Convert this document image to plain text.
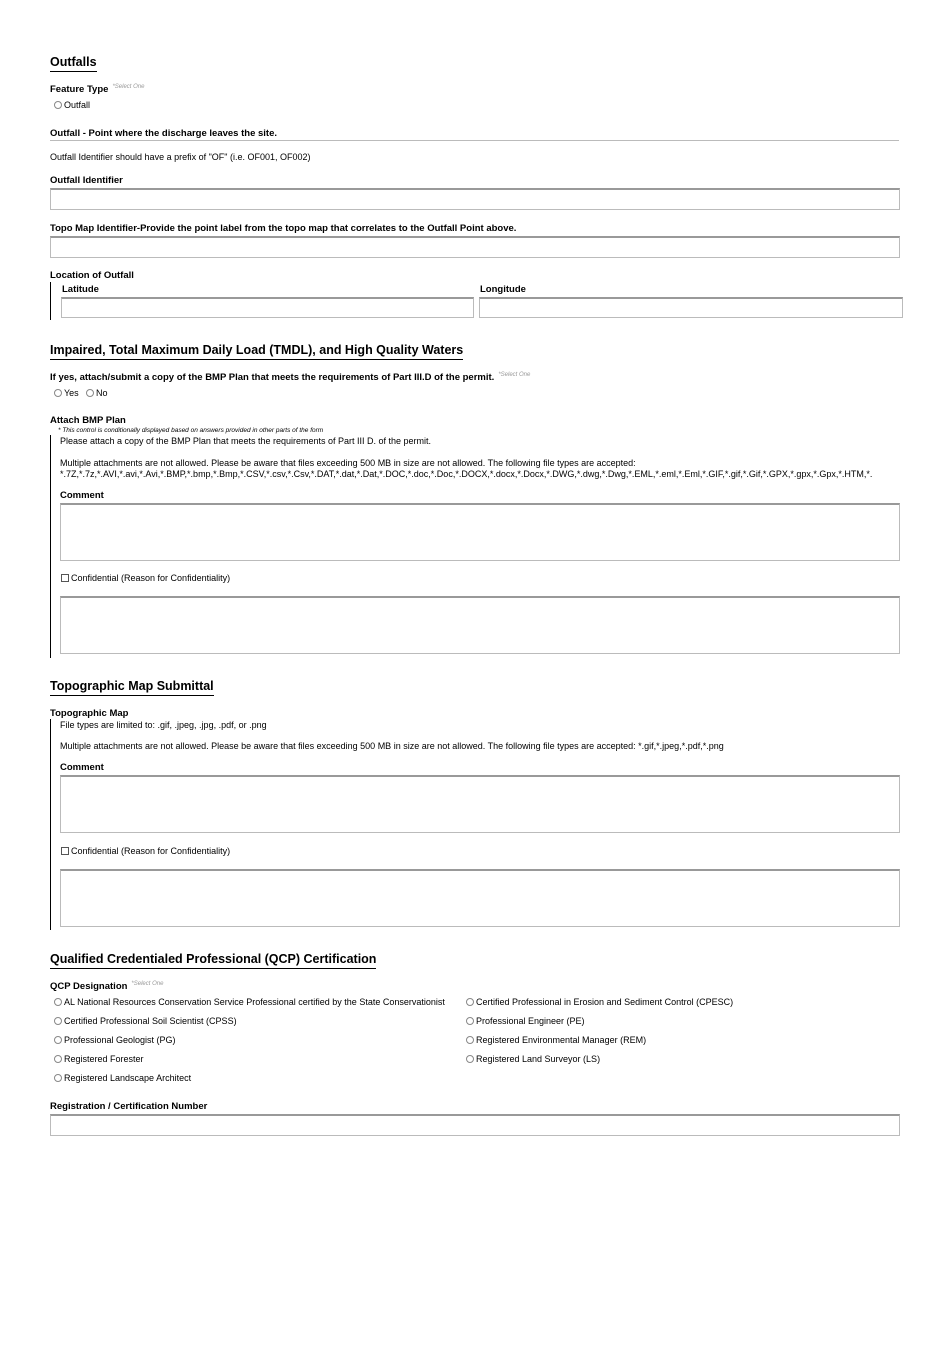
Outfalls
Feature Type $^{*Select One}$
Outfall
Outfall - Point where the discharge leaves the site.
Outfall Identifier should have a prefix of "OF" (i.e. OF001, OF002)
Outfall Identifier
Topo Map Identifier-Provide the point label from the topo map that correlates to the Outfall Point above.
Location of Outfall
Latitude	Longitude
Impaired, Total Maximum Daily Load (TMDL), and High Quality Waters
If yes, attach/submit a copy of the BMP Plan that meets the requirements of Part III.D of the permit. $^{*Select One}$
Yes	No
Attach BMP Plan
* This control is conditionally displayed based on answers provided in other parts of the form
Please attach a copy of the BMP Plan that meets the requirements of Part III D. of the permit.
Multiple attachments are not allowed. Please be aware that files exceeding 500 MB in size are not allowed. The following file types are accepted:
*.7Z,*.7z,*.AVI,*.avi,*.Avi,*.BMP,*.bmp,*.Bmp,*.CSV,*.csv,*.Csv,*.DAT,*.dat,*.Dat,*.DOC,*.doc,*.Doc,*.DOCX,*.docx,*.Docx,*.DWG,*.dwg,*.Dwg,*.EML,*.eml,*.Eml,*.GIF,*.gif,*.Gif,*.GPX,*.gpx,*.Gpx,*.HTM,*.
Comment
Confidential (Reason for Confidentiality)
Topographic Map Submittal
Topographic Map
File types are limited to: .gif, .jpeg, .jpg, .pdf, or .png
Multiple attachments are not allowed. Please be aware that files exceeding 500 MB in size are not allowed. The following file types are accepted: *.gif,*.jpeg,*.pdf,*.png
Comment
Confidential (Reason for Confidentiality)
Qualified Credentialed Professional (QCP) Certification
QCP Designation $^{*Select One}$
AL National Resources Conservation Service Professional certified by the State Conservationist
Certified Professional Soil Scientist (CPSS)
Professional Geologist (PG)
Registered Forester
Registered Landscape Architect
Certified Professional in Erosion and Sediment Control (CPESC)
Professional Engineer (PE)
Registered Environmental Manager (REM)
Registered Land Surveyor (LS)
Registration / Certification Number
